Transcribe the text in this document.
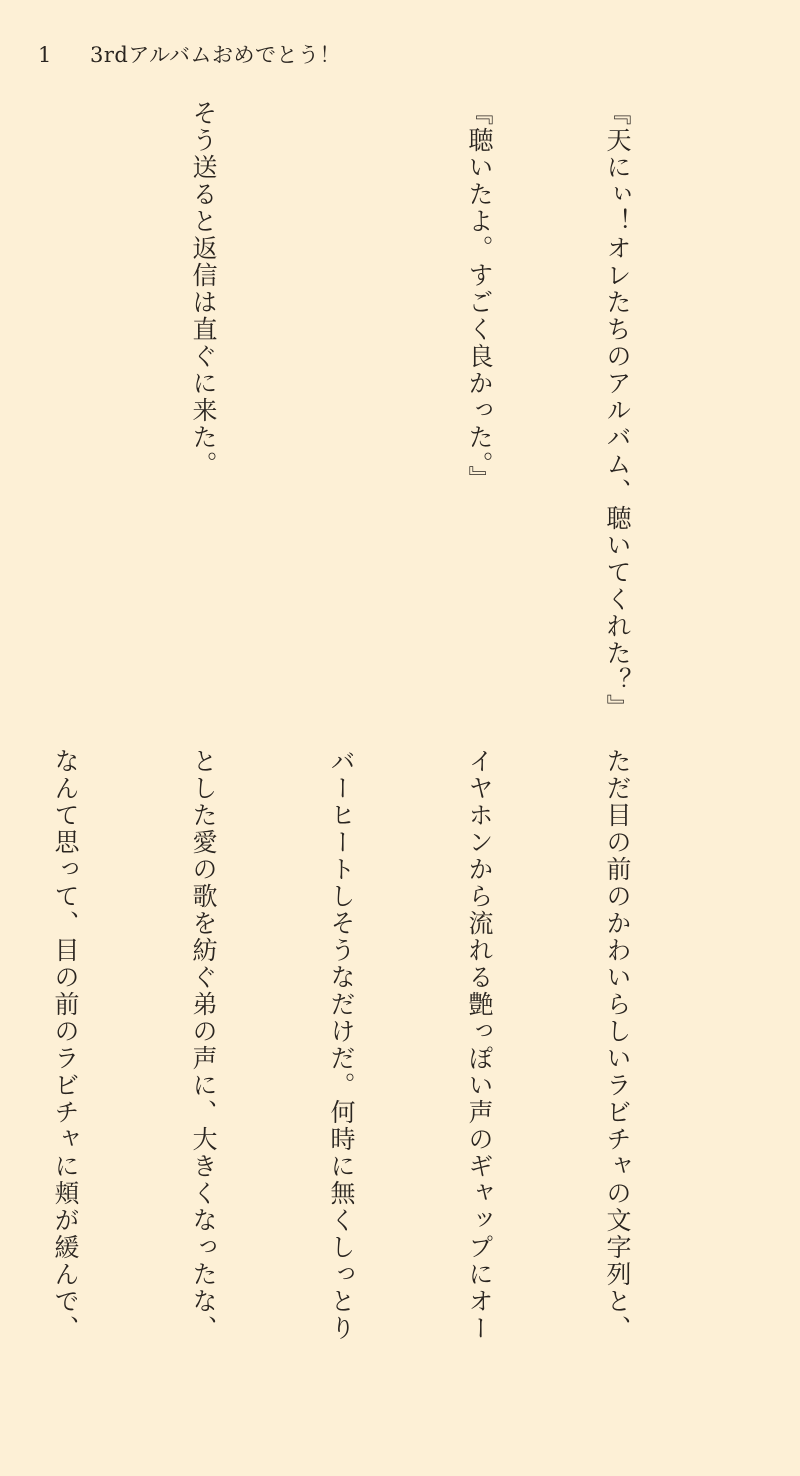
1 3rdアルバムおめでとう！

『天にぃ！オレたちのアルバム、聴いてくれた？』

『聴いたよ。すごく良かった。』

そう送ると返信は直ぐに来た。

ただ目の前のかわいらしいラビチャの文字列と、

イヤホンから流れる艶っぽい声のギャップにオー

バーヒートしそうなだけだ。何時に無くしっとり

とした愛の歌を紡ぐ弟の声に、大きくなったな、

なんて思って、目の前のラビチャに頬が緩んで、
